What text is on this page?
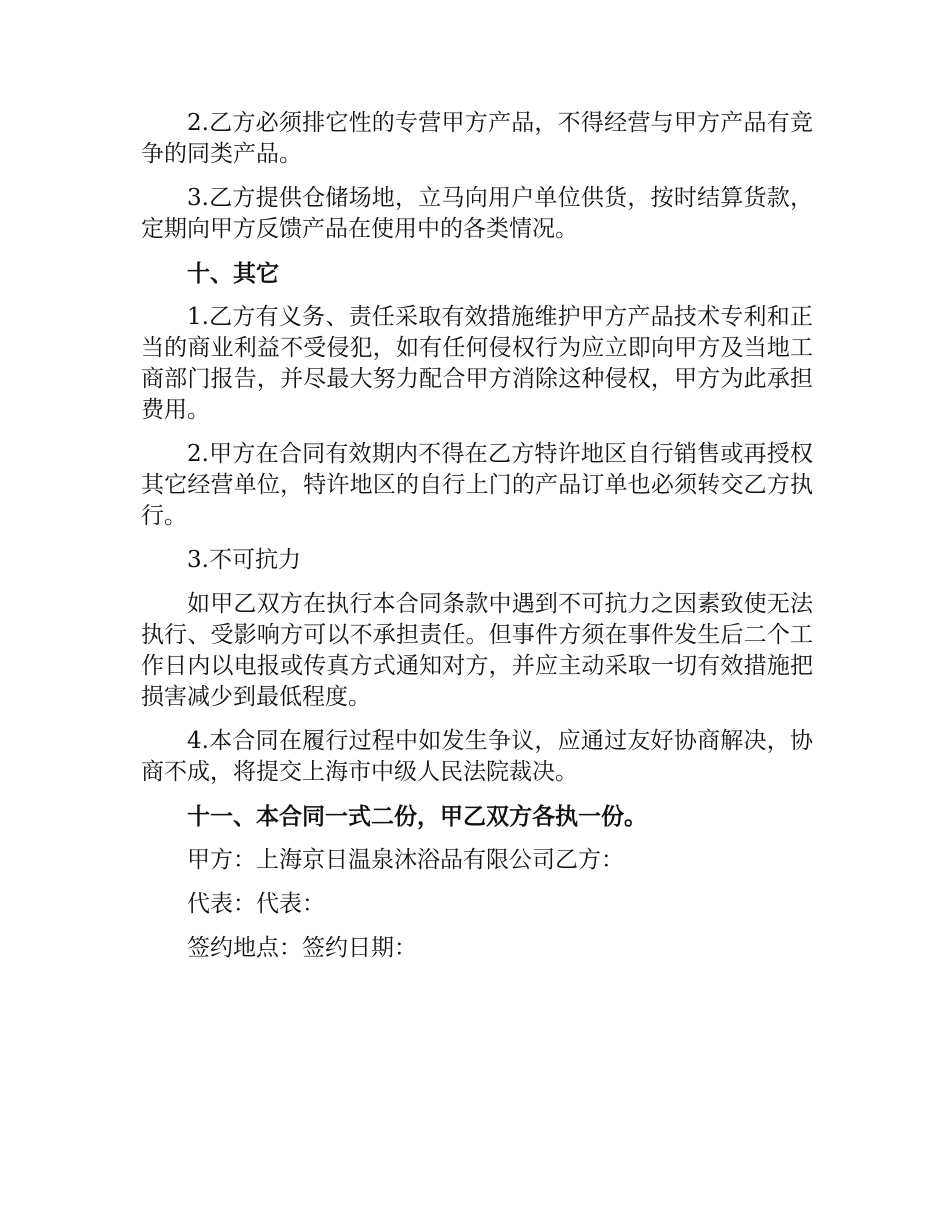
2.乙方必须排它性的专营甲方产品，不得经营与甲方产品有竞争的同类产品。

3.乙方提供仓储场地，立马向用户单位供货，按时结算货款，定期向甲方反馈产品在使用中的各类情况。

十、其它

1.乙方有义务、责任采取有效措施维护甲方产品技术专利和正当的商业利益不受侵犯，如有任何侵权行为应立即向甲方及当地工商部门报告，并尽最大努力配合甲方消除这种侵权，甲方为此承担费用。

2.甲方在合同有效期内不得在乙方特许地区自行销售或再授权其它经营单位，特许地区的自行上门的产品订单也必须转交乙方执行。

3.不可抗力

如甲乙双方在执行本合同条款中遇到不可抗力之因素致使无法执行、受影响方可以不承担责任。但事件方须在事件发生后二个工作日内以电报或传真方式通知对方，并应主动采取一切有效措施把损害减少到最低程度。

4.本合同在履行过程中如发生争议，应通过友好协商解决，协商不成，将提交上海市中级人民法院裁决。

十一、本合同一式二份，甲乙双方各执一份。

甲方：上海京日温泉沐浴品有限公司乙方：

代表：代表：

签约地点：签约日期：
